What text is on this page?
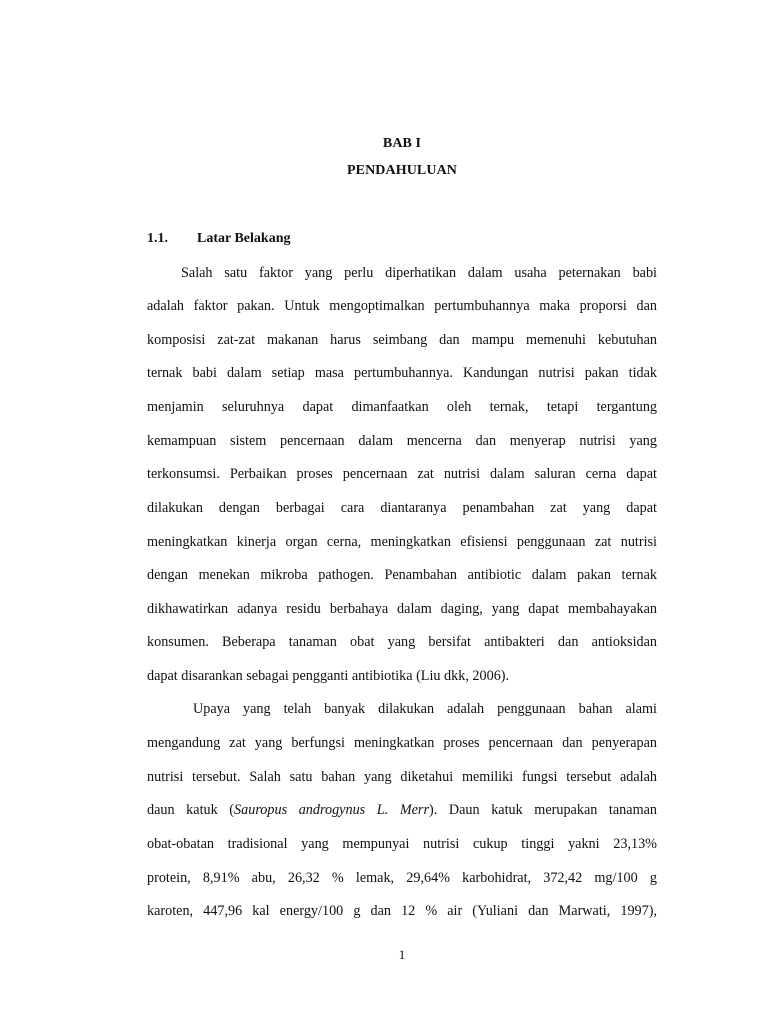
BAB I
PENDAHULUAN
1.1. Latar Belakang
Salah satu faktor yang perlu diperhatikan dalam usaha peternakan babi
adalah faktor pakan. Untuk mengoptimalkan pertumbuhannya maka proporsi dan
komposisi zat-zat makanan harus seimbang dan mampu memenuhi kebutuhan
ternak babi dalam setiap masa pertumbuhannya. Kandungan nutrisi pakan tidak
menjamin seluruhnya dapat dimanfaatkan oleh ternak, tetapi tergantung
kemampuan sistem pencernaan dalam mencerna dan menyerap nutrisi yang
terkonsumsi. Perbaikan proses pencernaan zat nutrisi dalam saluran cerna dapat
dilakukan dengan berbagai cara diantaranya penambahan zat yang dapat
meningkatkan kinerja organ cerna, meningkatkan efisiensi penggunaan zat nutrisi
dengan menekan mikroba pathogen. Penambahan antibiotic dalam pakan ternak
dikhawatirkan adanya residu berbahaya dalam daging, yang dapat membahayakan
konsumen. Beberapa tanaman obat yang bersifat antibakteri dan antioksidan
dapat disarankan sebagai pengganti antibiotika (Liu dkk, 2006).
Upaya yang telah banyak dilakukan adalah penggunaan bahan alami
mengandung zat yang berfungsi meningkatkan proses pencernaan dan penyerapan
nutrisi tersebut. Salah satu bahan yang diketahui memiliki fungsi tersebut adalah
daun katuk (Sauropus androgynus L. Merr). Daun katuk merupakan tanaman
obat-obatan tradisional yang mempunyai nutrisi cukup tinggi yakni 23,13%
protein, 8,91% abu, 26,32 % lemak, 29,64% karbohidrat, 372,42 mg/100 g
karoten, 447,96 kal energy/100 g dan 12 % air (Yuliani dan Marwati, 1997),
1
